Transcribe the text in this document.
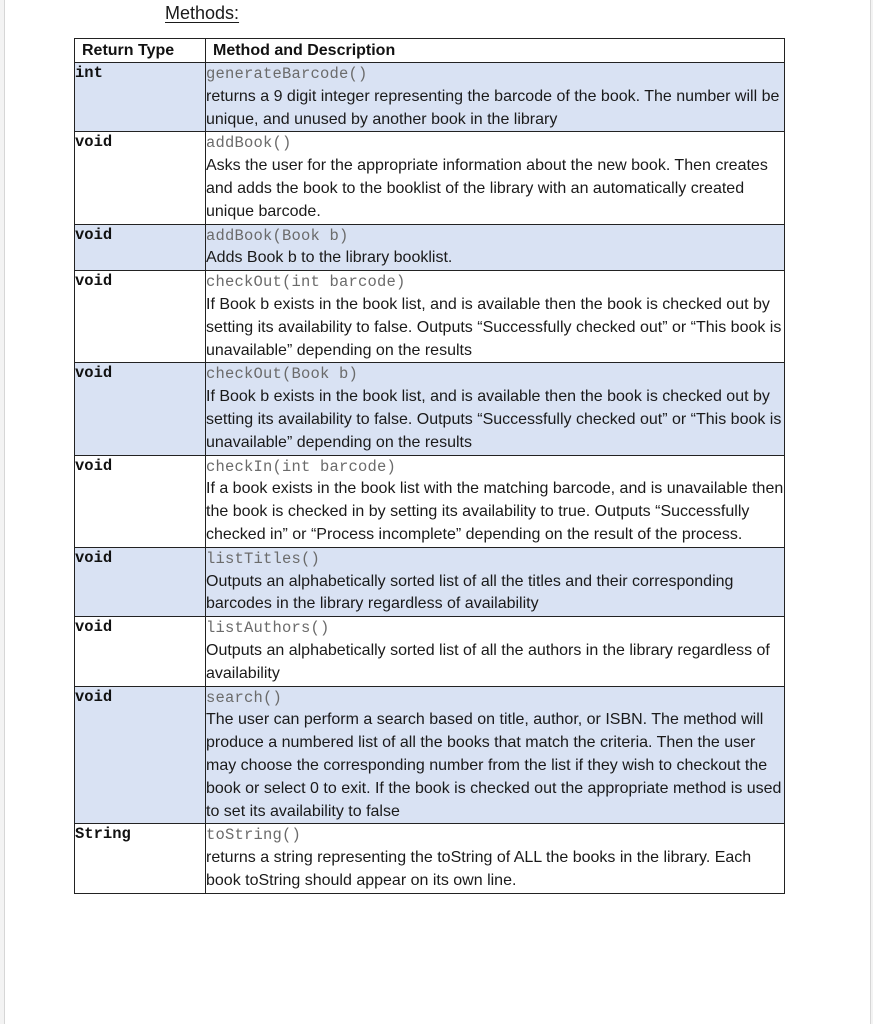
Methods:
Return Type	Method and Description
int	generateBarcode()
returns a 9 digit integer representing the barcode of the book. The number will be unique, and unused by another book in the library

void	addBook()
Asks the user for the appropriate information about the new book. Then creates and adds the book to the booklist of the library with an automatically created unique barcode.

void	addBook(Book b)
Adds Book b to the library booklist.

void	checkOut(int barcode)
If Book b exists in the book list, and is available then the book is checked out by setting its availability to false. Outputs “Successfully checked out” or “This book is unavailable” depending on the results

void	checkOut(Book b)
If Book b exists in the book list, and is available then the book is checked out by setting its availability to false. Outputs “Successfully checked out” or “This book is unavailable” depending on the results

void	checkIn(int barcode)
If a book exists in the book list with the matching barcode, and is unavailable then the book is checked in by setting its availability to true. Outputs “Successfully checked in” or “Process incomplete” depending on the result of the process.

void	listTitles()
Outputs an alphabetically sorted list of all the titles and their corresponding barcodes in the library regardless of availability

void	listAuthors()
Outputs an alphabetically sorted list of all the authors in the library regardless of availability

void	search()
The user can perform a search based on title, author, or ISBN. The method will produce a numbered list of all the books that match the criteria. Then the user may choose the corresponding number from the list if they wish to checkout the book or select 0 to exit. If the book is checked out the appropriate method is used to set its availability to false

String	toString()
returns a string representing the toString of ALL the books in the library. Each book toString should appear on its own line.
